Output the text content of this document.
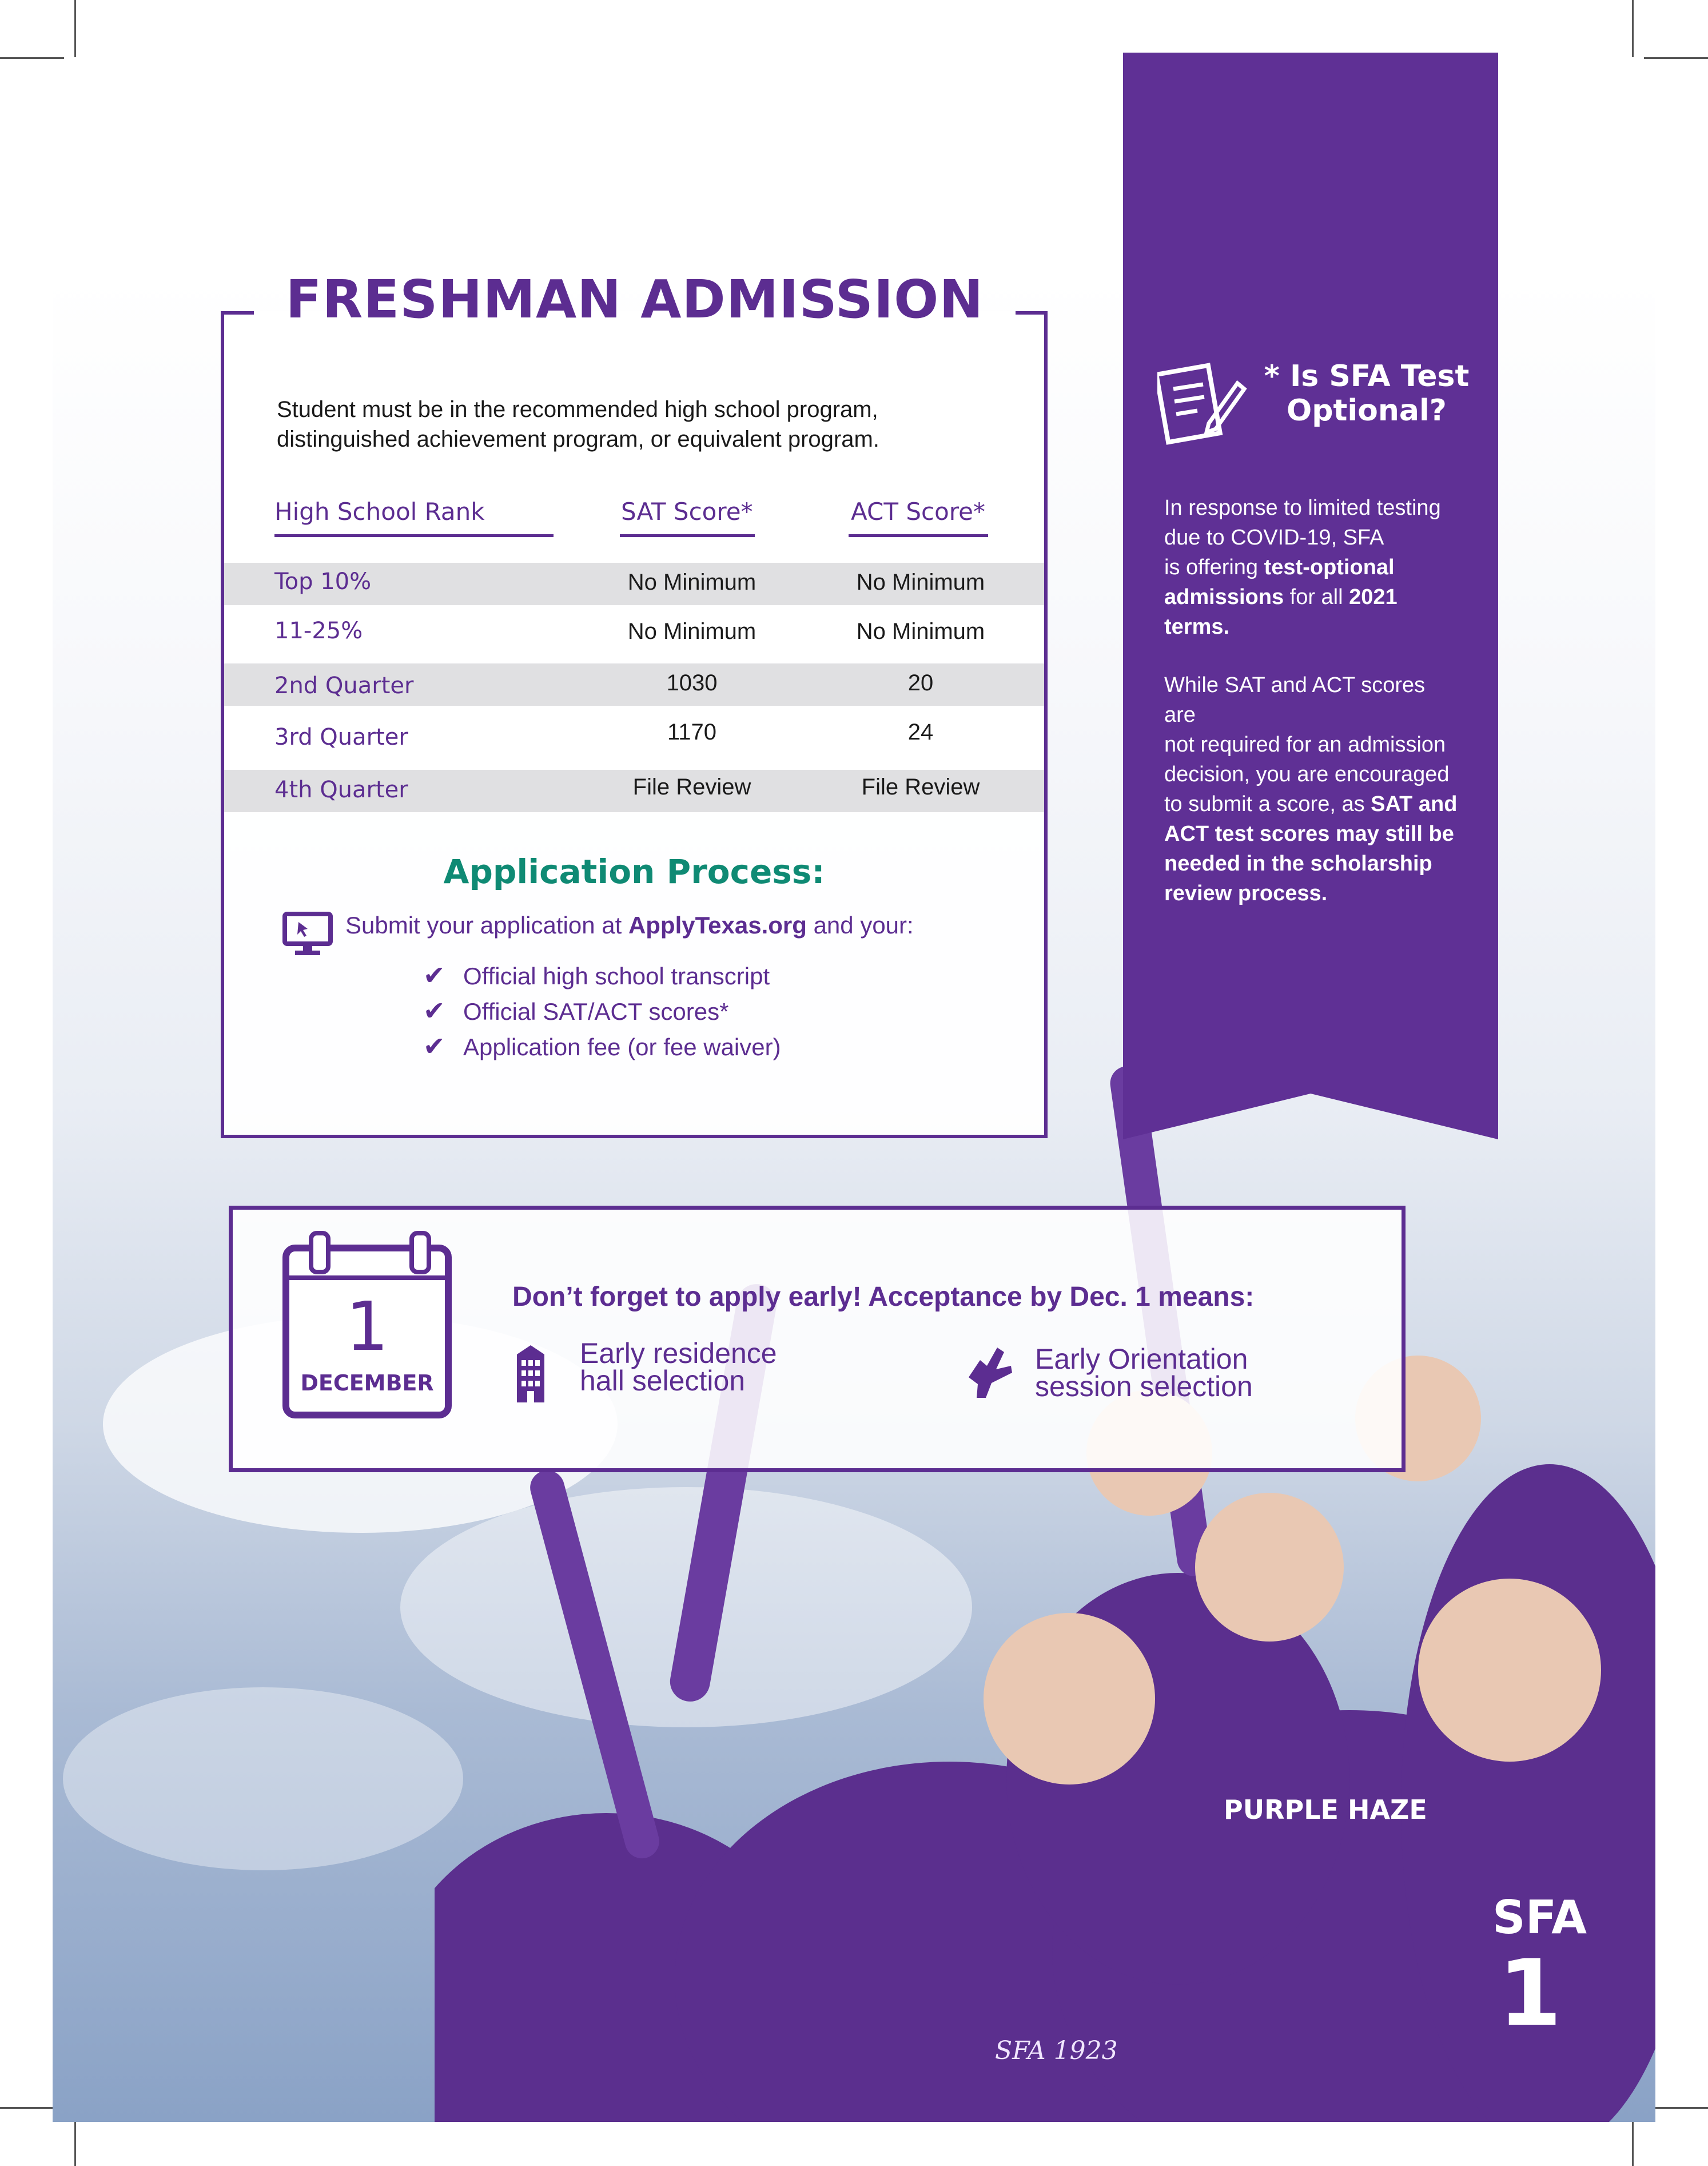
SFA
1
PURPLE HAZE
SFA 1923
FRESHMAN ADMISSION
Student must be in the recommended high school program,
distinguished achievement program, or equivalent program.
High School Rank	SAT Score*	ACT Score*
Top 10%	No Minimum	No Minimum
11-25%	No Minimum	No Minimum
2nd Quarter	1030	20
3rd Quarter	1170	24
4th Quarter	File Review	File Review
Application Process:
Submit your application at ApplyTexas.org and your:
✔ Official high school transcript
✔ Official SAT/ACT scores*
✔ Application fee (or fee waiver)
* Is SFA Test
Optional?
In response to limited testing
due to COVID-19, SFA
is offering test-optional
admissions for all 2021
terms.
While SAT and ACT scores are
not required for an admission
decision, you are encouraged
to submit a score, as SAT and
ACT test scores may still be
needed in the scholarship
review process.
1
DECEMBER
Don’t forget to apply early! Acceptance by Dec. 1 means:
Early residence
hall selection
Early Orientation
session selection
